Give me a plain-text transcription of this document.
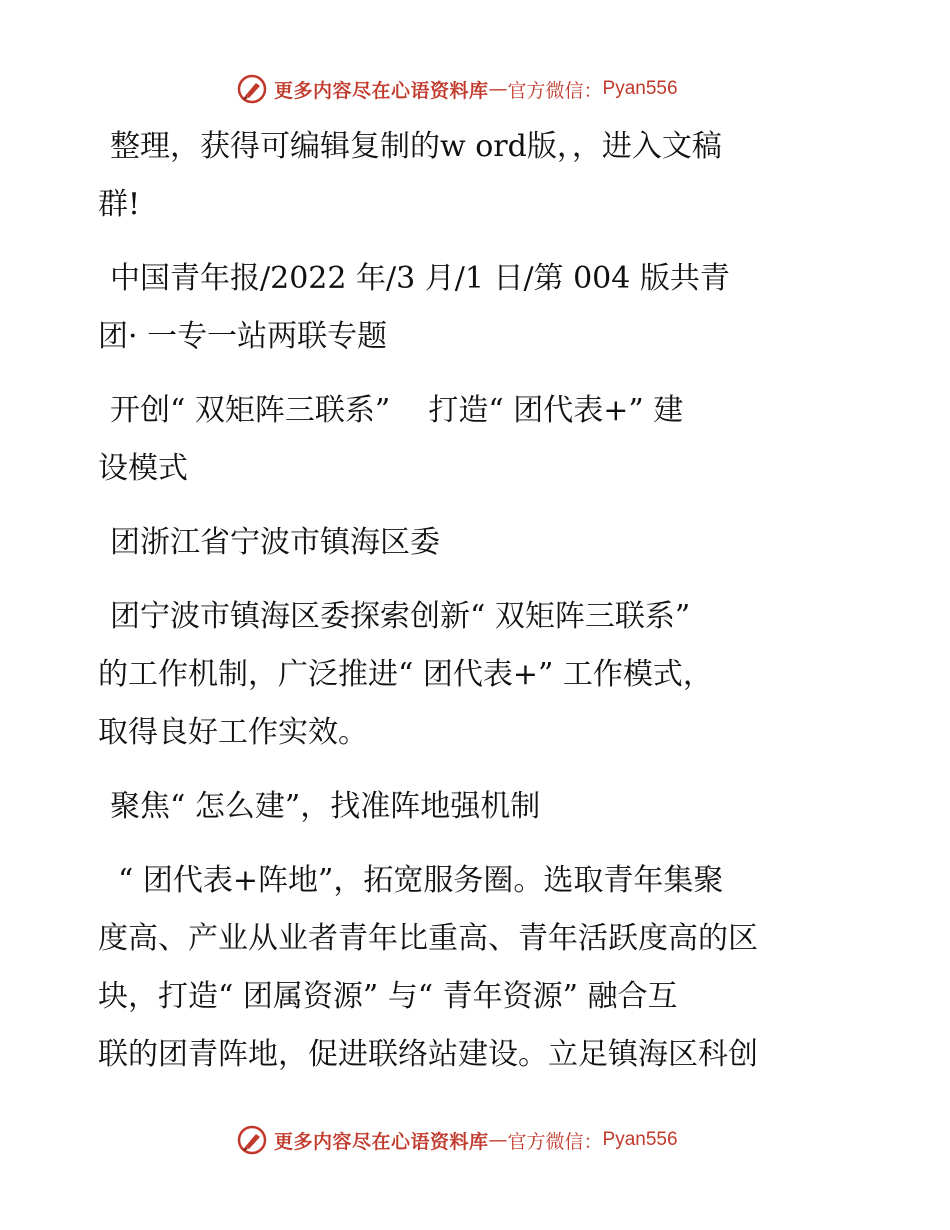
更多内容尽在心语资料库 — 官方微信 ： Pyan556

整理，获得可编辑复制的w ord版，，进入文稿
群!

中国青年报/2022 年/3 月/1 日/第 004 版共青
团· 一专一站两联专题

开创“ 双矩阵三联系”    打造“ 团代表+” 建
设模式

团浙江省宁波市镇海区委

团宁波市镇海区委探索创新“ 双矩阵三联系”
的工作机制，广泛推进“ 团代表+” 工作模式，
取得良好工作实效。

聚焦“ 怎么建”，找准阵地强机制

“ 团代表+阵地”，拓宽服务圈。选取青年集聚
度高、产业从业者青年比重高、青年活跃度高的区
块，打造“ 团属资源” 与“ 青年资源” 融合互
联的团青阵地，促进联络站建设。立足镇海区科创

更多内容尽在心语资料库 — 官方微信 ： Pyan556
